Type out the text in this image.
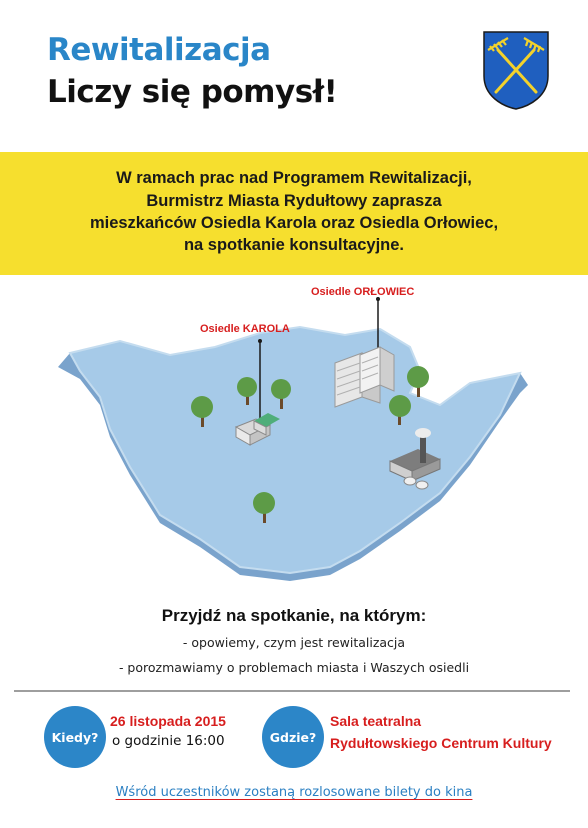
Rewitalizacja
Liczy się pomysł!
W ramach prac nad Programem Rewitalizacji,
Burmistrz Miasta Rydułtowy zaprasza
mieszkańców Osiedla Karola oraz Osiedla Orłowiec,
na spotkanie konsultacyjne.
Osiedle ORŁOWIEC
Osiedle KAROLA
Przyjdź na spotkanie, na którym:
- opowiemy, czym jest rewitalizacja
- porozmawiamy o problemach miasta i Waszych osiedli
Kiedy?
26 listopada 2015
o godzinie 16:00	Gdzie?
Sala teatralna
Rydułtowskiego Centrum Kultury
Wśród uczestników zostaną rozlosowane bilety do kina
